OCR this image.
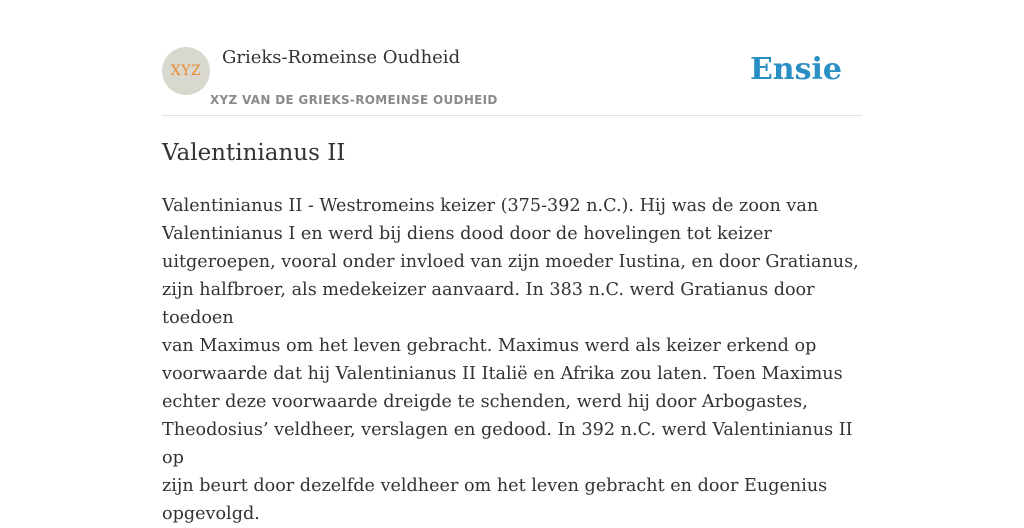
XYZ
Grieks-Romeinse Oudheid
XYZ VAN DE GRIEKS-ROMEINSE OUDHEID
Ensie
Valentinianus II

Valentinianus II - Westromeins keizer (375-392 n.C.). Hij was de zoon van
Valentinianus I en werd bij diens dood door de hovelingen tot keizer
uitgeroepen, vooral onder invloed van zijn moeder Iustina, en door Gratianus,
zijn halfbroer, als medekeizer aanvaard. In 383 n.C. werd Gratianus door toedoen
van Maximus om het leven gebracht. Maximus werd als keizer erkend op
voorwaarde dat hij Valentinianus II Italië en Afrika zou laten. Toen Maximus
echter deze voorwaarde dreigde te schenden, werd hij door Arbogastes,
Theodosius’ veldheer, verslagen en gedood. In 392 n.C. werd Valentinianus II op
zijn beurt door dezelfde veldheer om het leven gebracht en door Eugenius
opgevolgd.
